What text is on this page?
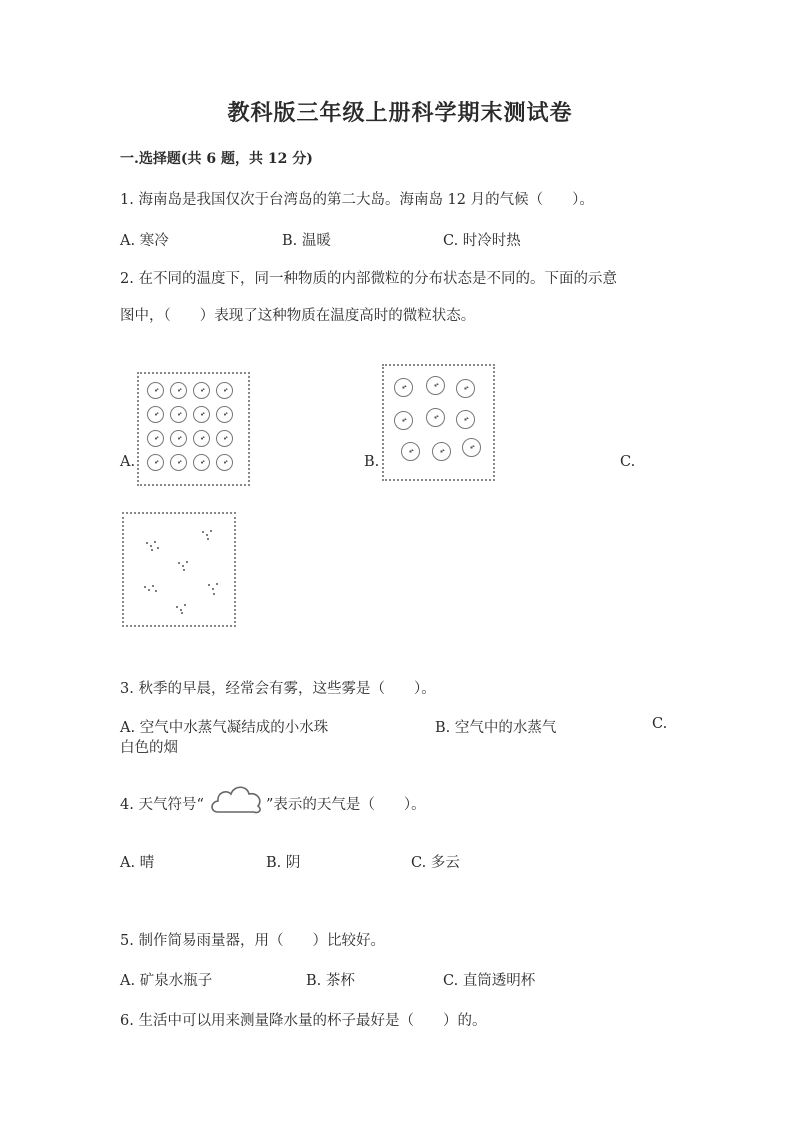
教科版三年级上册科学期末测试卷
一.选择题(共 6 题，共 12 分)
1. 海南岛是我国仅次于台湾岛的第二大岛。海南岛 12 月的气候（　　）。
A. 寒冷	B. 温暖	C. 时冷时热
2. 在不同的温度下，同一种物质的内部微粒的分布状态是不同的。下面的示意
图中，（　　）表现了这种物质在温度高时的微粒状态。
A.	B.	C.
3. 秋季的早晨，经常会有雾，这些雾是（　　）。
A. 空气中水蒸气凝结成的小水珠	B. 空气中的水蒸气	C.
白色的烟
4. 天气符号“	”表示的天气是（　　）。
A. 晴	B. 阴	C. 多云
5. 制作简易雨量器，用（　　）比较好。
A. 矿泉水瓶子	B. 茶杯	C. 直筒透明杯
6. 生活中可以用来测量降水量的杯子最好是（　　）的。
